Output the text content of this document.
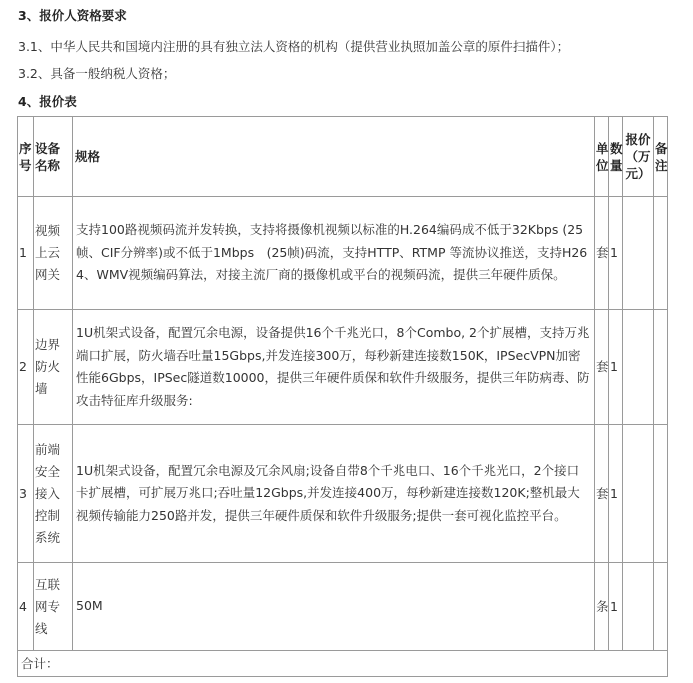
3、报价人资格要求
3.1、中华人民共和国境内注册的具有独立法人资格的机构（提供营业执照加盖公章的原件扫描件）；
3.2、具备一般纳税人资格；
4、报价表
序号	设备名称	规格	单位	数量	报价（万元）	备注
1	视频上云网关	支持100路视频码流并发转换，支持将摄像机视频以标准的H.264编码成不低于32Kbps (25帧、CIF分辨率)或不低于1Mbps　(25帧)码流，支持HTTP、RTMP 等流协议推送，支持H264、WMV视频编码算法，对接主流厂商的摄像机或平台的视频码流，提供三年硬件质保。	套	1		
2	边界防火墙	1U机架式设备，配置冗余电源，设备提供16个千兆光口，8个Combo, 2个扩展槽，支持万兆端口扩展，防火墙吞吐量15Gbps,并发连接300万，每秒新建连接数150K，IPSecVPN加密性能6Gbps，IPSec隧道数10000，提供三年硬件质保和软件升级服务，提供三年防病毒、防攻击特征库升级服务:	套	1		
3	前端安全接入控制系统	1U机架式设备，配置冗余电源及冗余风扇;设备自带8个千兆电口、16个千兆光口，2个接口卡扩展槽，可扩展万兆口;吞吐量12Gbps,并发连接400万，每秒新建连接数120K;整机最大视频传输能力250路并发，提供三年硬件质保和软件升级服务;提供一套可视化监控平台。	套	1		
4	互联网专线	50M	条	1		
合计：						
